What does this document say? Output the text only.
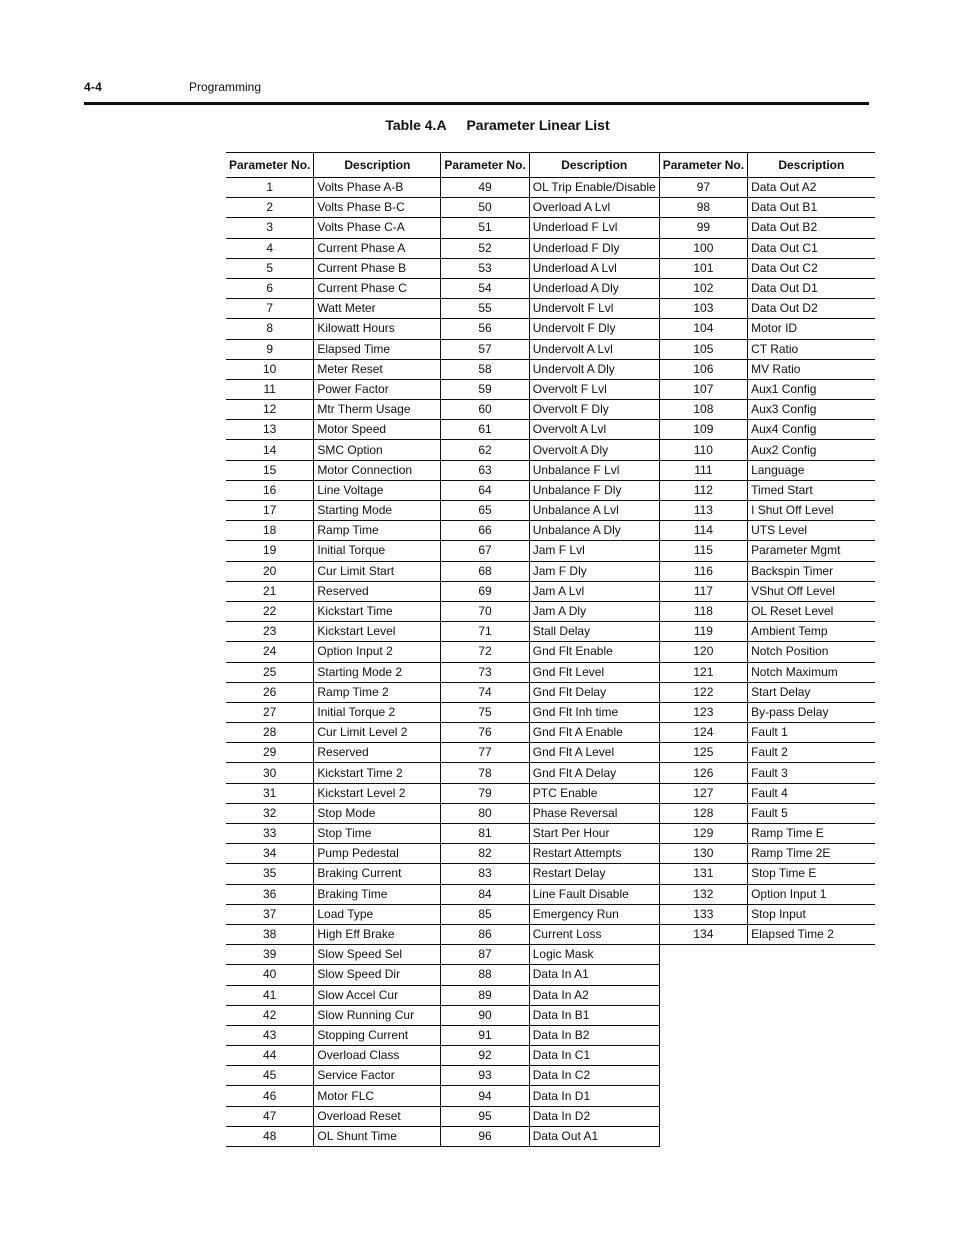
4-4	Programming
Table 4.A Parameter Linear List
Parameter No.	Description	Parameter No.	Description	Parameter No.	Description
1	Volts Phase A-B	49	OL Trip Enable/Disable	97	Data Out A2
2	Volts Phase B-C	50	Overload A Lvl	98	Data Out B1
3	Volts Phase C-A	51	Underload F Lvl	99	Data Out B2
4	Current Phase A	52	Underload F Dly	100	Data Out C1
5	Current Phase B	53	Underload A Lvl	101	Data Out C2
6	Current Phase C	54	Underload A Dly	102	Data Out D1
7	Watt Meter	55	Undervolt F Lvl	103	Data Out D2
8	Kilowatt Hours	56	Undervolt F Dly	104	Motor ID
9	Elapsed Time	57	Undervolt A Lvl	105	CT Ratio
10	Meter Reset	58	Undervolt A Dly	106	MV Ratio
11	Power Factor	59	Overvolt F Lvl	107	Aux1 Config
12	Mtr Therm Usage	60	Overvolt F Dly	108	Aux3 Config
13	Motor Speed	61	Overvolt A Lvl	109	Aux4 Config
14	SMC Option	62	Overvolt A Dly	110	Aux2 Config
15	Motor Connection	63	Unbalance F Lvl	111	Language
16	Line Voltage	64	Unbalance F Dly	112	Timed Start
17	Starting Mode	65	Unbalance A Lvl	113	I Shut Off Level
18	Ramp Time	66	Unbalance A Dly	114	UTS Level
19	Initial Torque	67	Jam F Lvl	115	Parameter Mgmt
20	Cur Limit Start	68	Jam F Dly	116	Backspin Timer
21	Reserved	69	Jam A Lvl	117	VShut Off Level
22	Kickstart Time	70	Jam A Dly	118	OL Reset Level
23	Kickstart Level	71	Stall Delay	119	Ambient Temp
24	Option Input 2	72	Gnd Flt Enable	120	Notch Position
25	Starting Mode 2	73	Gnd Flt Level	121	Notch Maximum
26	Ramp Time 2	74	Gnd Flt Delay	122	Start Delay
27	Initial Torque 2	75	Gnd Flt Inh time	123	By-pass Delay
28	Cur Limit Level 2	76	Gnd Flt A Enable	124	Fault 1
29	Reserved	77	Gnd Flt A Level	125	Fault 2
30	Kickstart Time 2	78	Gnd Flt A Delay	126	Fault 3
31	Kickstart Level 2	79	PTC Enable	127	Fault 4
32	Stop Mode	80	Phase Reversal	128	Fault 5
33	Stop Time	81	Start Per Hour	129	Ramp Time E
34	Pump Pedestal	82	Restart Attempts	130	Ramp Time 2E
35	Braking Current	83	Restart Delay	131	Stop Time E
36	Braking Time	84	Line Fault Disable	132	Option Input 1
37	Load Type	85	Emergency Run	133	Stop Input
38	High Eff Brake	86	Current Loss	134	Elapsed Time 2
39	Slow Speed Sel	87	Logic Mask		
40	Slow Speed Dir	88	Data In A1		
41	Slow Accel Cur	89	Data In A2		
42	Slow Running Cur	90	Data In B1		
43	Stopping Current	91	Data In B2		
44	Overload Class	92	Data In C1		
45	Service Factor	93	Data In C2		
46	Motor FLC	94	Data In D1		
47	Overload Reset	95	Data In D2		
48	OL Shunt Time	96	Data Out A1		
